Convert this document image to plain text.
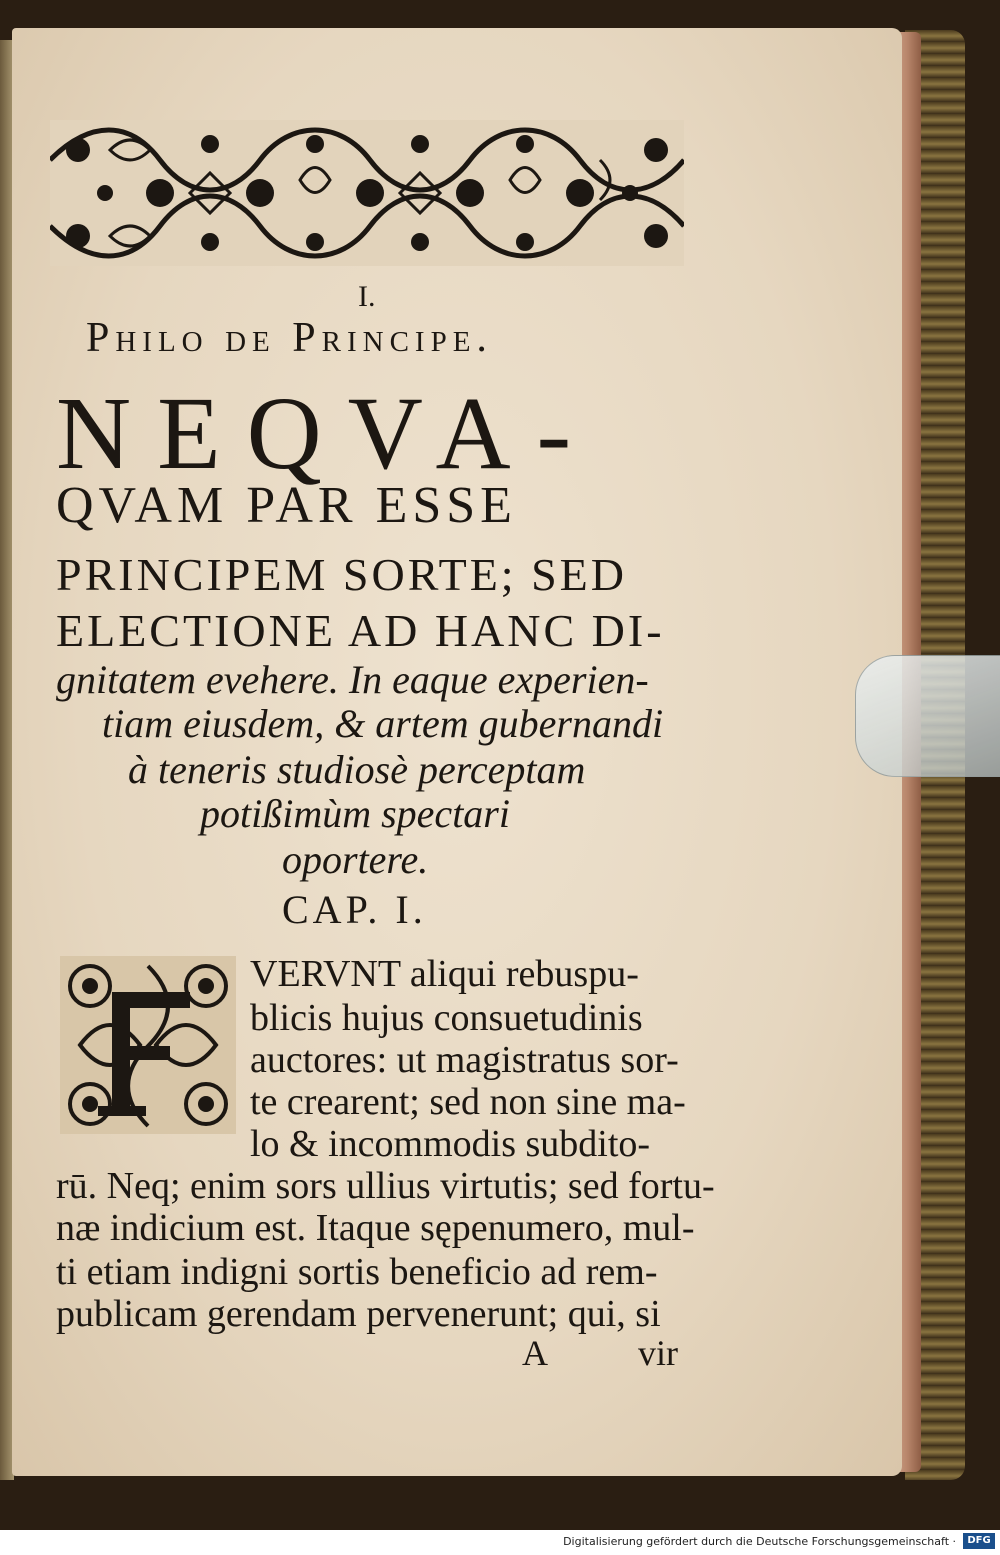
I.
Philo de Principe.
NEQVA-
QVAM PAR ESSE
PRINCIPEM SORTE; SED
ELECTIONE AD HANC DI-
gnitatem evehere. In eaque experien-
tiam eiusdem, & artem gubernandi
à teneris studiosè perceptam
potißimùm spectari
oportere.
CAP. I.
VERVNT aliqui rebuspu-
blicis hujus consuetudinis
auctores: ut magistratus sor-
te crearent; sed non sine ma-
lo & incommodis subdito-
rū. Neq; enim sors ullius virtutis; sed fortu-
næ indicium est. Itaque sępenumero, mul-
ti etiam indigni sortis beneficio ad rem-
publicam gerendam pervenerunt; qui, si
A	vir
Digitalisierung gefördert durch die Deutsche Forschungsgemeinschaft ·	DFG
